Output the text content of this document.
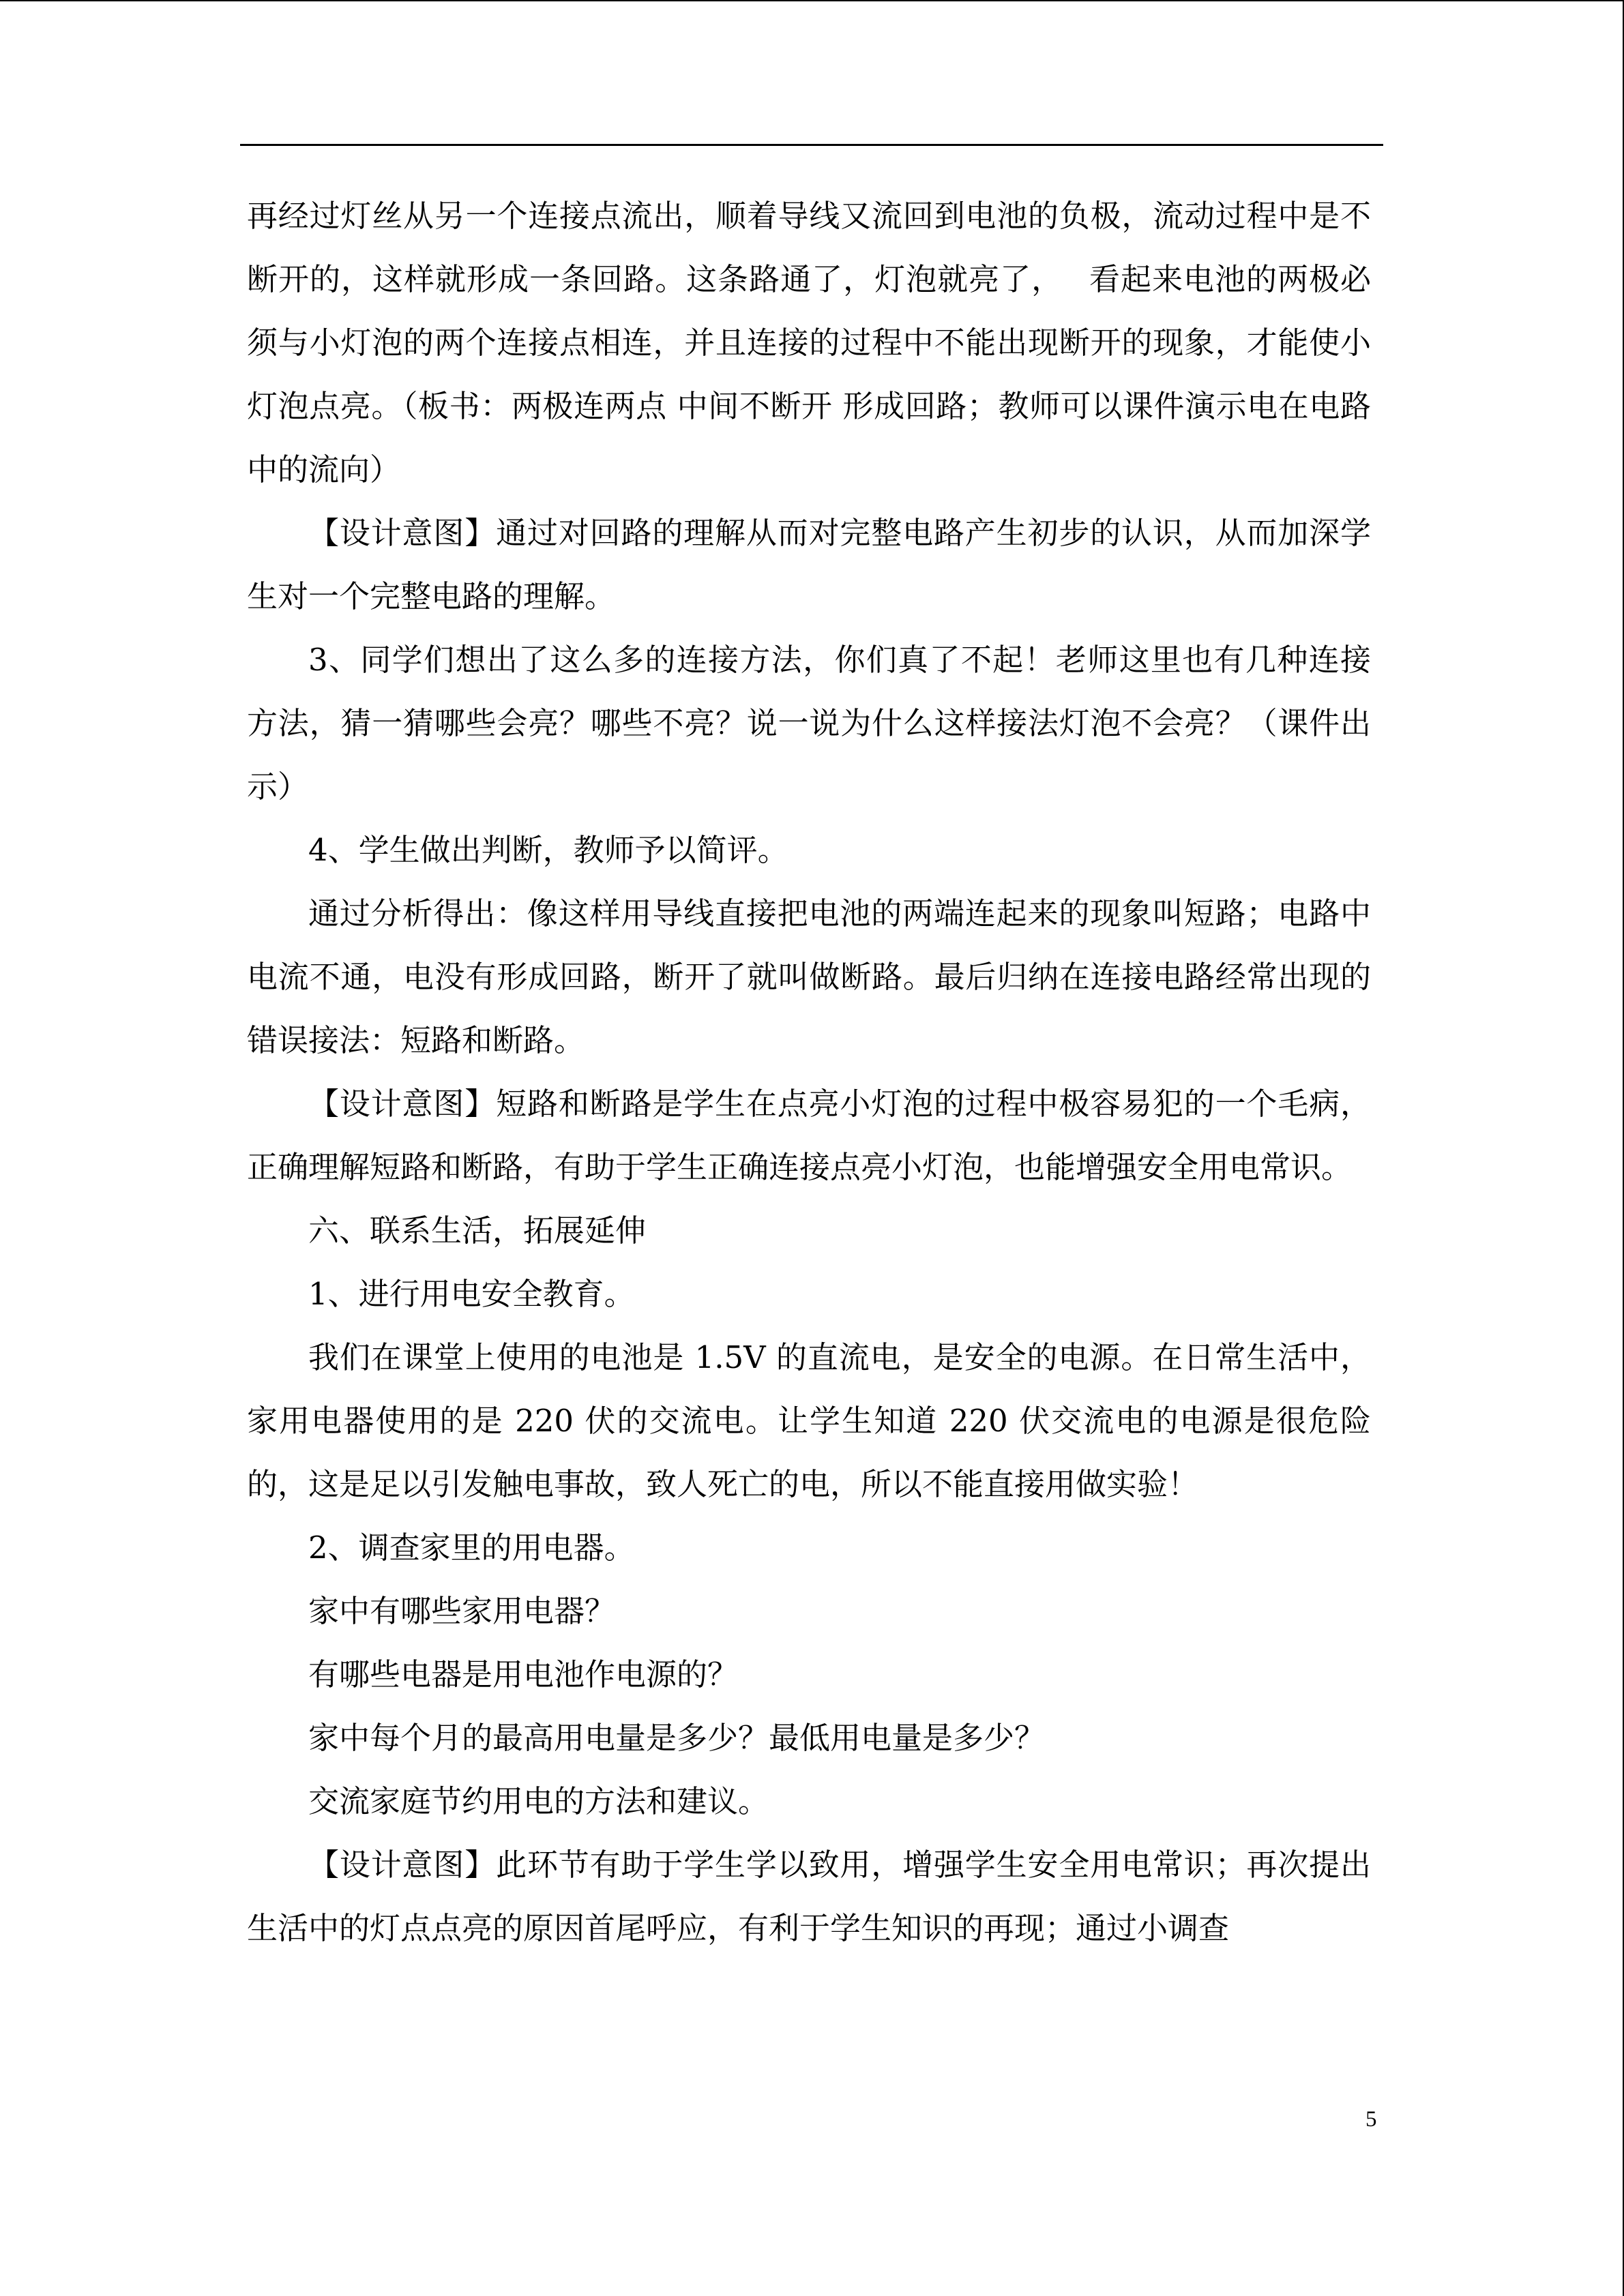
再经过灯丝从另一个连接点流出，顺着导线又流回到电池的负极，流动过程中是不断开的，这样就形成一条回路。这条路通了，灯泡就亮了，　 看起来电池的两极必须与小灯泡的两个连接点相连，并且连接的过程中不能出现断开的现象，才能使小灯泡点亮。（板书：两极连两点 中间不断开 形成回路；教师可以课件演示电在电路中的流向）

【设计意图】通过对回路的理解从而对完整电路产生初步的认识，从而加深学生对一个完整电路的理解。

3、同学们想出了这么多的连接方法，你们真了不起！老师这里也有几种连接方法，猜一猜哪些会亮？哪些不亮？说一说为什么这样接法灯泡不会亮？（课件出示）

4、学生做出判断，教师予以简评。

通过分析得出：像这样用导线直接把电池的两端连起来的现象叫短路；电路中电流不通，电没有形成回路，断开了就叫做断路。最后归纳在连接电路经常出现的错误接法：短路和断路。

【设计意图】短路和断路是学生在点亮小灯泡的过程中极容易犯的一个毛病，正确理解短路和断路，有助于学生正确连接点亮小灯泡，也能增强安全用电常识。

六、联系生活，拓展延伸

1、进行用电安全教育。

我们在课堂上使用的电池是 1.5V 的直流电，是安全的电源。在日常生活中，家用电器使用的是 220 伏的交流电。让学生知道 220 伏交流电的电源是很危险的，这是足以引发触电事故，致人死亡的电，所以不能直接用做实验！

2、调查家里的用电器。

家中有哪些家用电器？

有哪些电器是用电池作电源的？

家中每个月的最高用电量是多少？最低用电量是多少？

交流家庭节约用电的方法和建议。

【设计意图】此环节有助于学生学以致用，增强学生安全用电常识；再次提出生活中的灯点点亮的原因首尾呼应，有利于学生知识的再现；通过小调查

5
